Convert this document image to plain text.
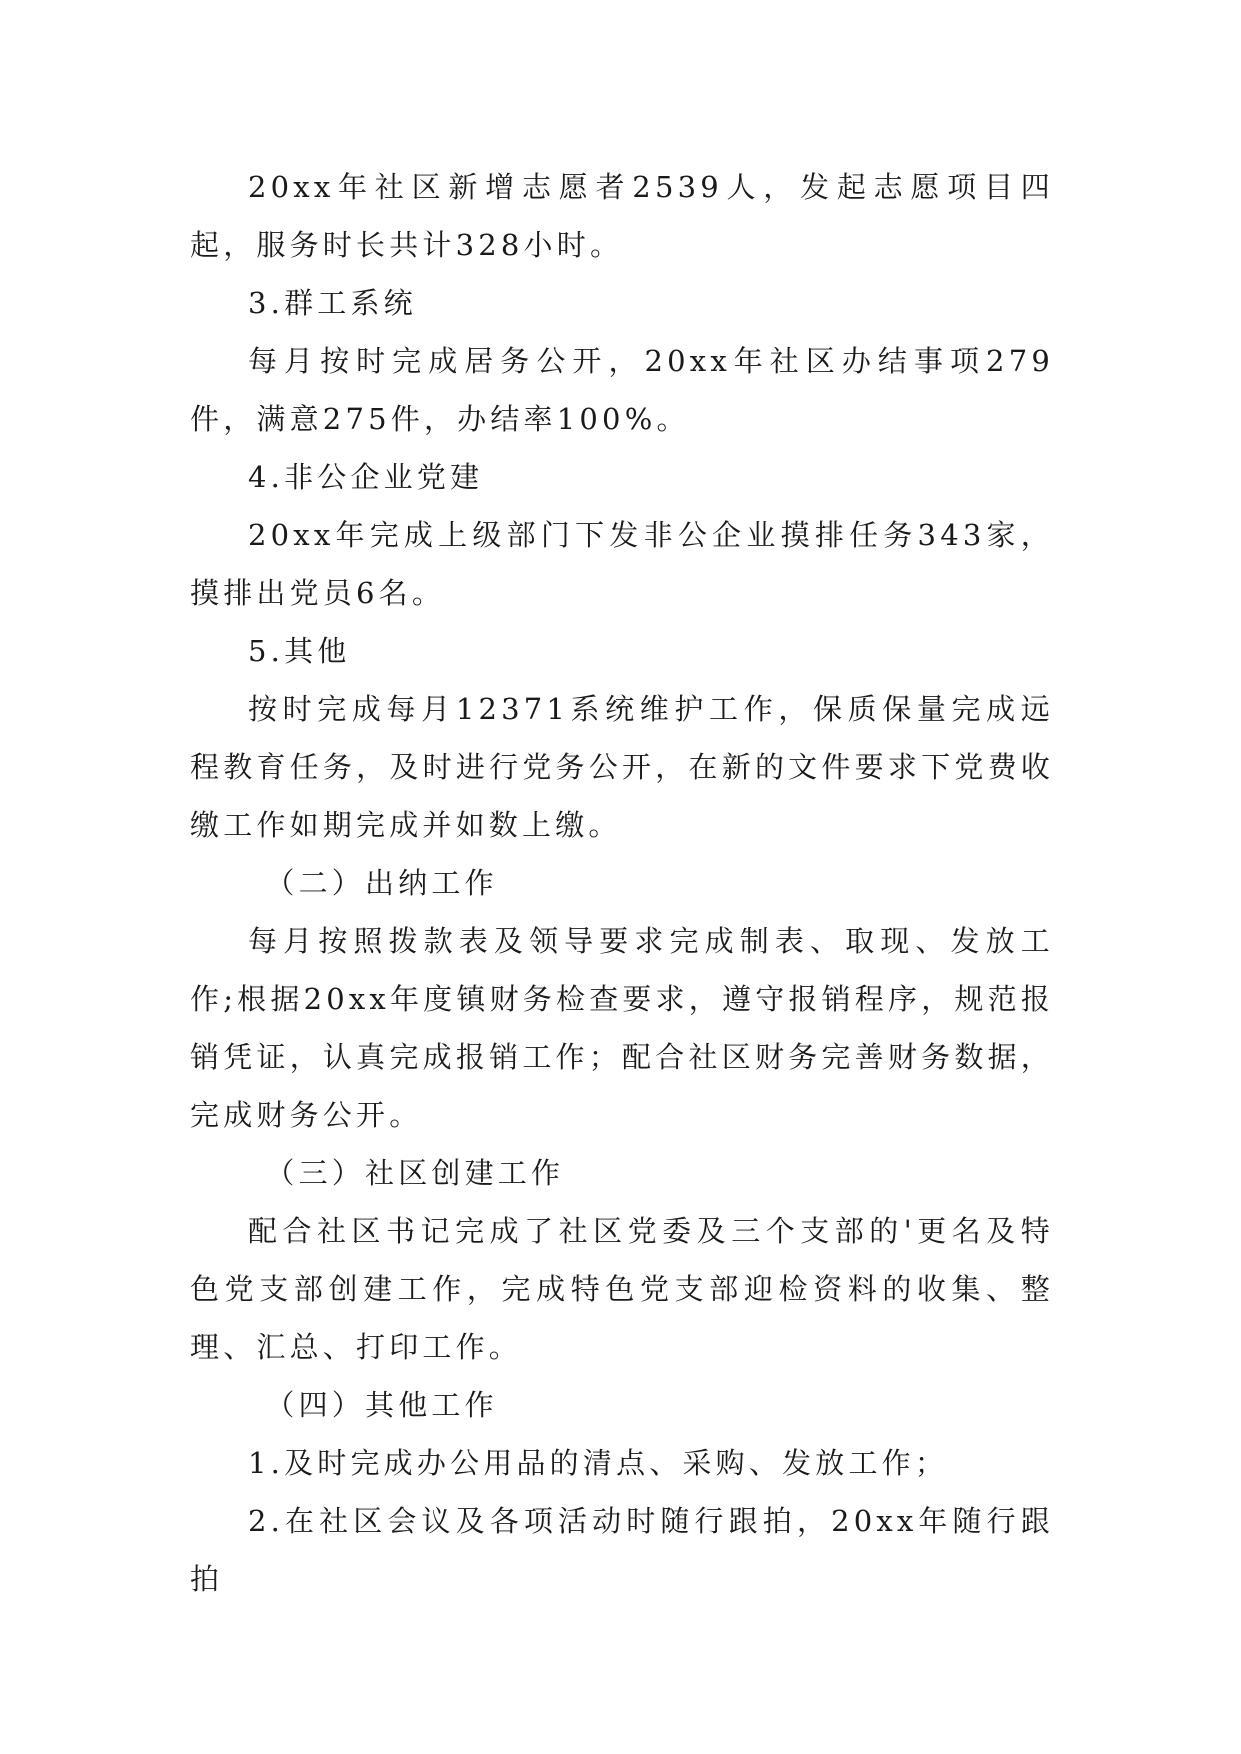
20xx年社区新增志愿者2539人，发起志愿项目四起，服务时长共计328小时。

3.群工系统

每月按时完成居务公开，20xx年社区办结事项279件，满意275件，办结率100%。

4.非公企业党建

20xx年完成上级部门下发非公企业摸排任务343家，摸排出党员6名。

5.其他

按时完成每月12371系统维护工作，保质保量完成远程教育任务，及时进行党务公开，在新的文件要求下党费收缴工作如期完成并如数上缴。

（二）出纳工作

每月按照拨款表及领导要求完成制表、取现、发放工作;根据20xx年度镇财务检查要求，遵守报销程序，规范报销凭证，认真完成报销工作；配合社区财务完善财务数据，完成财务公开。

（三）社区创建工作

配合社区书记完成了社区党委及三个支部的'更名及特色党支部创建工作，完成特色党支部迎检资料的收集、整理、汇总、打印工作。

（四）其他工作

1.及时完成办公用品的清点、采购、发放工作；

2.在社区会议及各项活动时随行跟拍，20xx年随行跟拍
